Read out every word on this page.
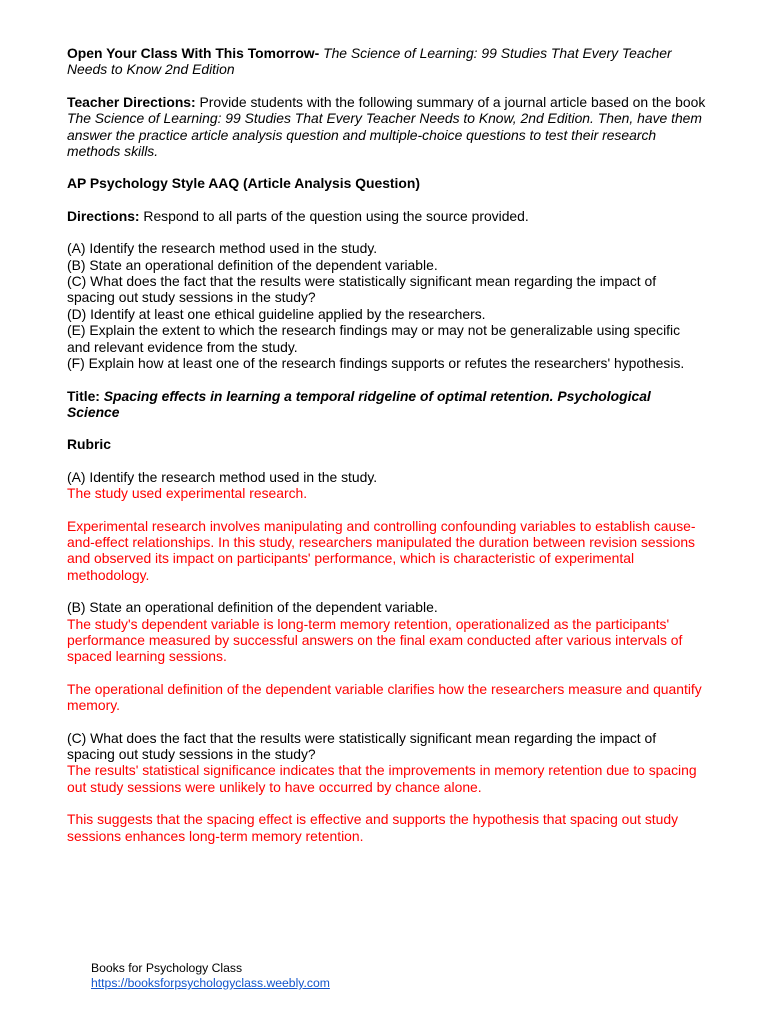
Open Your Class With This Tomorrow- The Science of Learning: 99 Studies That Every Teacher Needs to Know 2nd Edition

Teacher Directions: Provide students with the following summary of a journal article based on the book The Science of Learning: 99 Studies That Every Teacher Needs to Know, 2nd Edition. Then, have them answer the practice article analysis question and multiple-choice questions to test their research methods skills.

AP Psychology Style AAQ (Article Analysis Question)

Directions: Respond to all parts of the question using the source provided.

(A) Identify the research method used in the study.

(B) State an operational definition of the dependent variable.

(C) What does the fact that the results were statistically significant mean regarding the impact of spacing out study sessions in the study?

(D) Identify at least one ethical guideline applied by the researchers.

(E) Explain the extent to which the research findings may or may not be generalizable using specific and relevant evidence from the study.

(F) Explain how at least one of the research findings supports or refutes the researchers' hypothesis.

Title: Spacing effects in learning a temporal ridgeline of optimal retention. Psychological Science

Rubric

(A) Identify the research method used in the study.

The study used experimental research.

Experimental research involves manipulating and controlling confounding variables to establish cause-and-effect relationships. In this study, researchers manipulated the duration between revision sessions and observed its impact on participants' performance, which is characteristic of experimental methodology.

(B) State an operational definition of the dependent variable.

The study's dependent variable is long-term memory retention, operationalized as the participants' performance measured by successful answers on the final exam conducted after various intervals of spaced learning sessions.

The operational definition of the dependent variable clarifies how the researchers measure and quantify memory.

(C) What does the fact that the results were statistically significant mean regarding the impact of spacing out study sessions in the study?

The results' statistical significance indicates that the improvements in memory retention due to spacing out study sessions were unlikely to have occurred by chance alone.

This suggests that the spacing effect is effective and supports the hypothesis that spacing out study sessions enhances long-term memory retention.

Books for Psychology Class
https://booksforpsychologyclass.weebly.com
